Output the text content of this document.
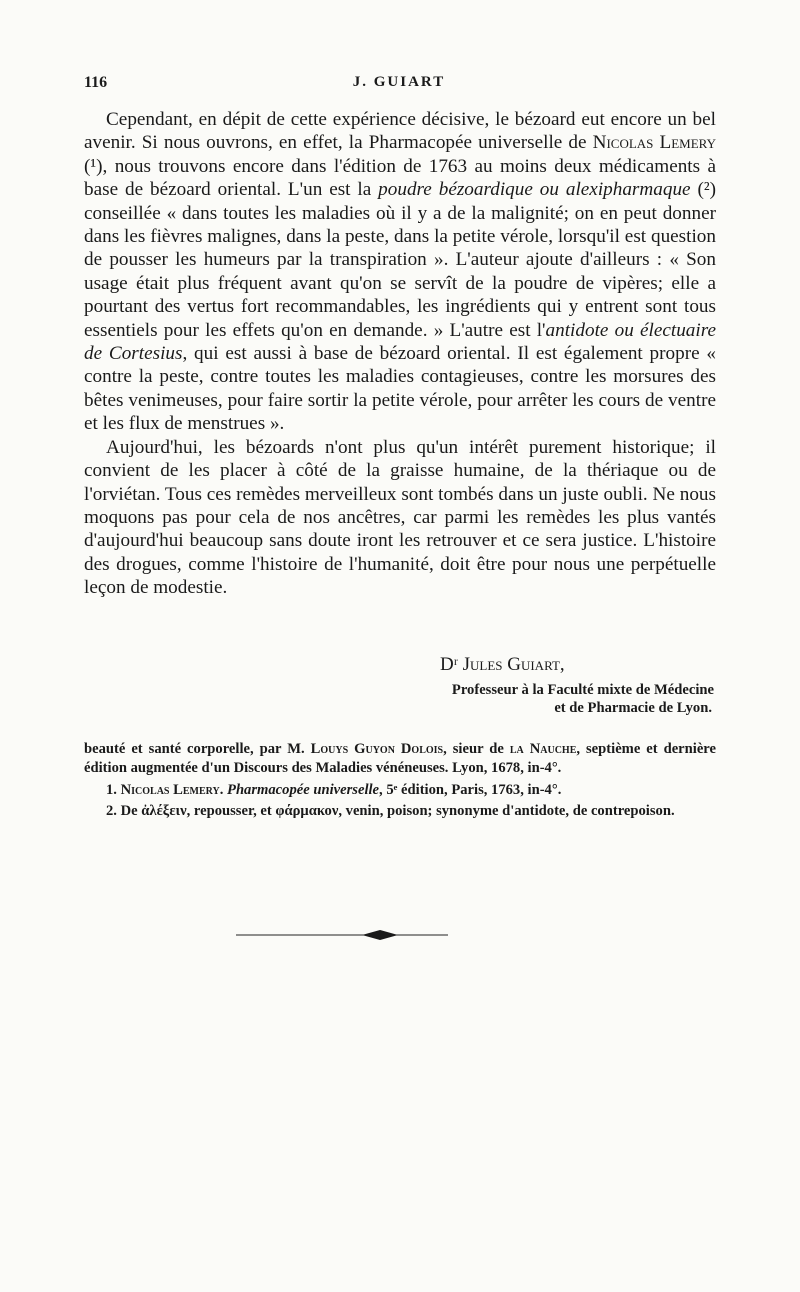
116	J. GUIART

Cependant, en dépit de cette expérience décisive, le bézoard eut encore un bel avenir. Si nous ouvrons, en effet, la Pharmacopée universelle de Nicolas Lemery (¹), nous trouvons encore dans l'édition de 1763 au moins deux médicaments à base de bézoard oriental. L'un est la poudre bézoardique ou alexipharmaque (²) conseillée « dans toutes les maladies où il y a de la malignité; on en peut donner dans les fièvres malignes, dans la peste, dans la petite vérole, lorsqu'il est question de pousser les humeurs par la transpiration ». L'auteur ajoute d'ailleurs : « Son usage était plus fréquent avant qu'on se servît de la poudre de vipères; elle a pourtant des vertus fort recommandables, les ingrédients qui y entrent sont tous essentiels pour les effets qu'on en demande. » L'autre est l'antidote ou électuaire de Cortesius, qui est aussi à base de bézoard oriental. Il est également propre « contre la peste, contre toutes les maladies contagieuses, contre les morsures des bêtes venimeuses, pour faire sortir la petite vérole, pour arrêter les cours de ventre et les flux de menstrues ».

Aujourd'hui, les bézoards n'ont plus qu'un intérêt purement historique; il convient de les placer à côté de la graisse humaine, de la thériaque ou de l'orviétan. Tous ces remèdes merveilleux sont tombés dans un juste oubli. Ne nous moquons pas pour cela de nos ancêtres, car parmi les remèdes les plus vantés d'aujourd'hui beaucoup sans doute iront les retrouver et ce sera justice. L'histoire des drogues, comme l'histoire de l'humanité, doit être pour nous une perpétuelle leçon de modestie.

Dʳ Jules Guiart,
Professeur à la Faculté mixte de Médecine
et de Pharmacie de Lyon.

beauté et santé corporelle, par M. Louys Guyon Dolois, sieur de la Nauche, septième et dernière édition augmentée d'un Discours des Maladies vénéneuses. Lyon, 1678, in-4°.

1. Nicolas Lemery. Pharmacopée universelle, 5ᵉ édition, Paris, 1763, in-4°.

2. De ἀλέξειν, repousser, et φάρμακον, venin, poison; synonyme d'antidote, de contrepoison.
